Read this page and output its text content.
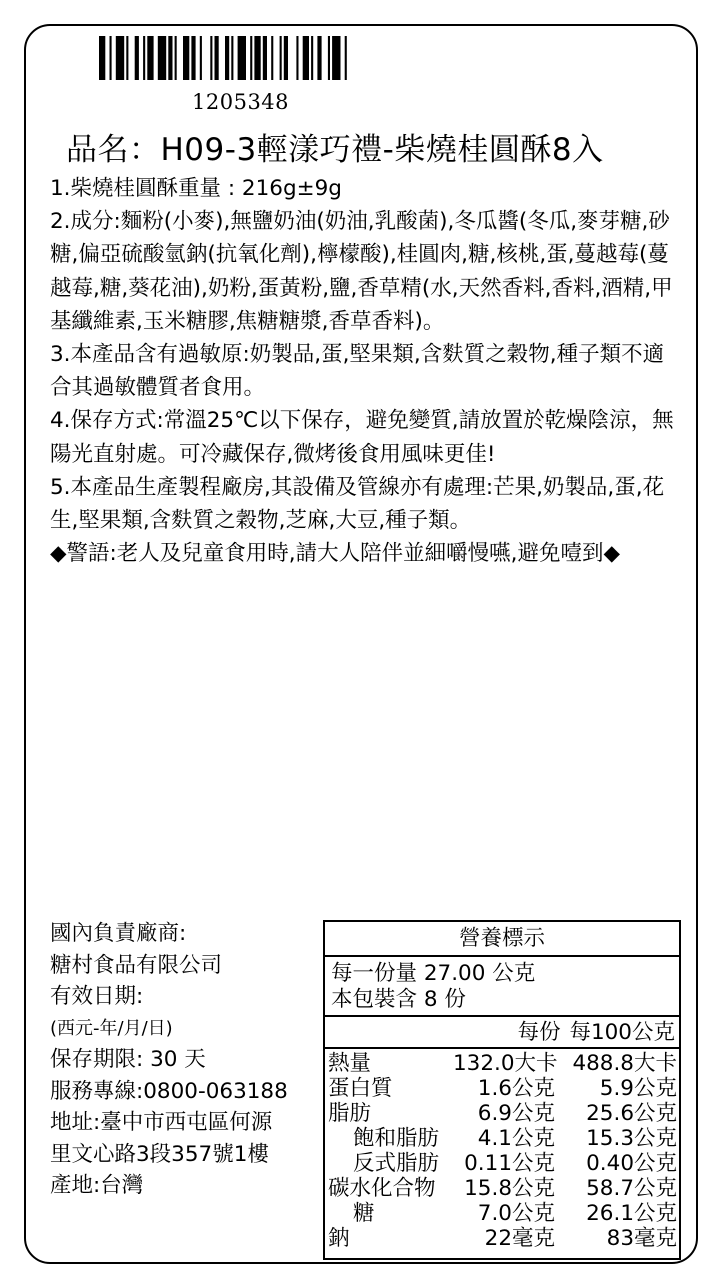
1205348
品名：H09-3輕漾巧禮-柴燒桂圓酥8入

1.柴燒桂圓酥重量 : 216g±9g

2.成分:麵粉(小麥),無鹽奶油(奶油,乳酸菌),冬瓜醬(冬瓜,麥芽糖,砂糖,偏亞硫酸氫鈉(抗氧化劑),檸檬酸),桂圓肉,糖,核桃,蛋,蔓越莓(蔓越莓,糖,葵花油),奶粉,蛋黃粉,鹽,香草精(水,天然香料,香料,酒精,甲基纖維素,玉米糖膠,焦糖糖漿,香草香料)。

3.本產品含有過敏原:奶製品,蛋,堅果類,含麩質之穀物,種子類不適合其過敏體質者食用。

4.保存方式:常溫25℃以下保存，避免變質,請放置於乾燥陰涼，無陽光直射處。可冷藏保存,微烤後食用風味更佳!

5.本產品生產製程廠房,其設備及管線亦有處理:芒果,奶製品,蛋,花生,堅果類,含麩質之穀物,芝麻,大豆,種子類。

◆警語:老人及兒童食用時,請大人陪伴並細嚼慢嚥,避免噎到◆

國內負責廠商:
糖村食品有限公司
有效日期:
(西元-年/月/日)
保存期限: 30 天
服務專線:0800-063188
地址:臺中市西屯區何源
里文心路3段357號1樓
產地:台灣
營養標示
每一份量 27.00 公克
本包裝含 8 份
每份 每100公克
熱量	132.0大卡 488.8大卡
蛋白質	1.6公克	5.9公克
脂肪	6.9公克	25.6公克
飽和脂肪	4.1公克	15.3公克
反式脂肪	0.11公克	0.40公克
碳水化合物	15.8公克	58.7公克
糖	7.0公克	26.1公克
鈉	22毫克	83毫克
